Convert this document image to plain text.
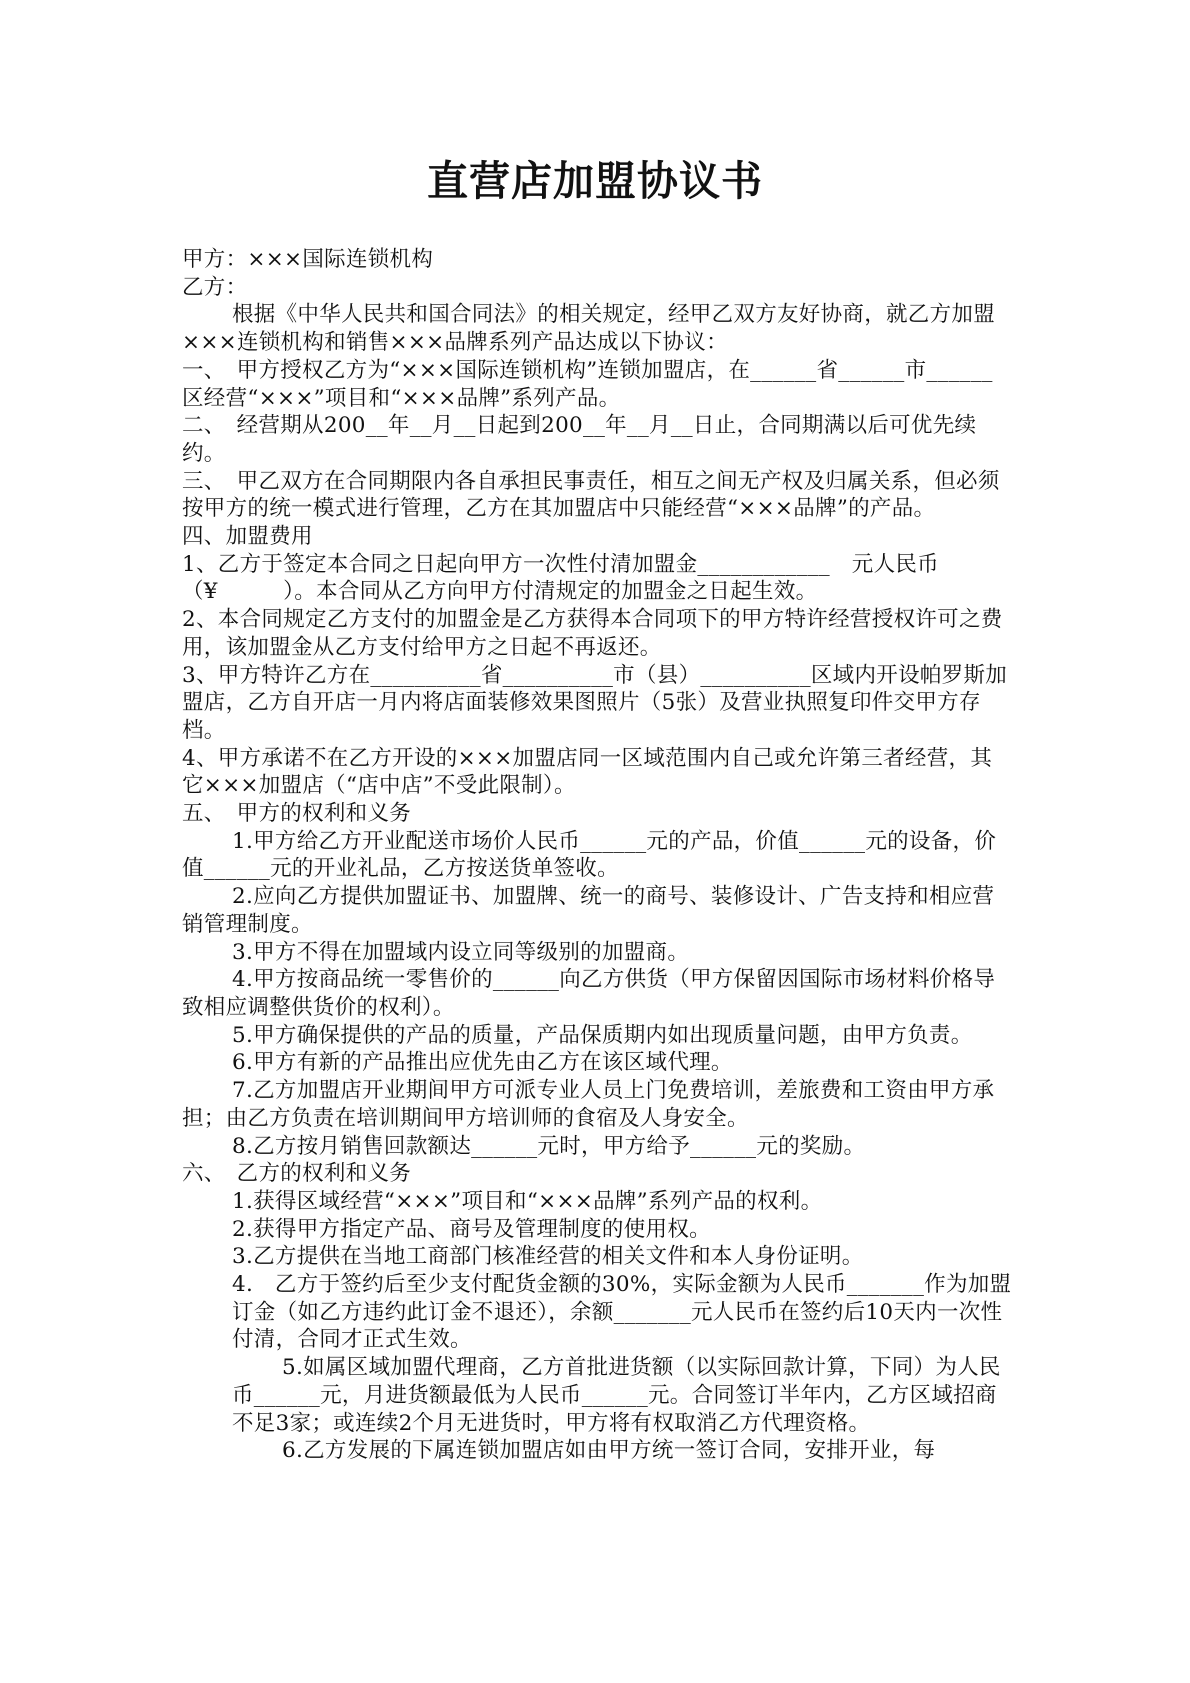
直营店加盟协议书

甲方：×××国际连锁机构

乙方：

根据《中华人民共和国合同法》的相关规定，经甲乙双方友好协商，就乙方加盟×××连锁机构和销售×××品牌系列产品达成以下协议：

一、　甲方授权乙方为“×××国际连锁机构”连锁加盟店，在______省______市______区经营“×××”项目和“×××品牌”系列产品。

二、　经营期从200__年__月__日起到200__年__月__日止，合同期满以后可优先续约。

三、　甲乙双方在合同期限内各自承担民事责任，相互之间无产权及归属关系，但必须按甲方的统一模式进行管理，乙方在其加盟店中只能经营“×××品牌”的产品。

四、加盟费用

1、乙方于签定本合同之日起向甲方一次性付清加盟金____________　元人民币（¥　　　）。本合同从乙方向甲方付清规定的加盟金之日起生效。

2、本合同规定乙方支付的加盟金是乙方获得本合同项下的甲方特许经营授权许可之费用，该加盟金从乙方支付给甲方之日起不再返还。

3、甲方特许乙方在__________省__________市（县）__________区域内开设帕罗斯加盟店，乙方自开店一月内将店面装修效果图照片（5张）及营业执照复印件交甲方存档。

4、甲方承诺不在乙方开设的×××加盟店同一区域范围内自己或允许第三者经营，其它×××加盟店（“店中店”不受此限制）。

五、　甲方的权利和义务

1.甲方给乙方开业配送市场价人民币______元的产品，价值______元的设备，价值______元的开业礼品，乙方按送货单签收。

2.应向乙方提供加盟证书、加盟牌、统一的商号、装修设计、广告支持和相应营销管理制度。

3.甲方不得在加盟域内设立同等级别的加盟商。

4.甲方按商品统一零售价的______向乙方供货（甲方保留因国际市场材料价格导致相应调整供货价的权利）。

5.甲方确保提供的产品的质量，产品保质期内如出现质量问题，由甲方负责。

6.甲方有新的产品推出应优先由乙方在该区域代理。

7.乙方加盟店开业期间甲方可派专业人员上门免费培训，差旅费和工资由甲方承担；由乙方负责在培训期间甲方培训师的食宿及人身安全。

8.乙方按月销售回款额达______元时，甲方给予______元的奖励。

六、　乙方的权利和义务

1.获得区域经营“×××”项目和“×××品牌”系列产品的权利。

2.获得甲方指定产品、商号及管理制度的使用权。

3.乙方提供在当地工商部门核准经营的相关文件和本人身份证明。

4.　乙方于签约后至少支付配货金额的30%，实际金额为人民币_______作为加盟订金（如乙方违约此订金不退还），余额_______元人民币在签约后10天内一次性付清，合同才正式生效。

5.如属区域加盟代理商，乙方首批进货额（以实际回款计算，下同）为人民币______元，月进货额最低为人民币______元。合同签订半年内，乙方区域招商不足3家；或连续2个月无进货时，甲方将有权取消乙方代理资格。

6.乙方发展的下属连锁加盟店如由甲方统一签订合同，安排开业，每
